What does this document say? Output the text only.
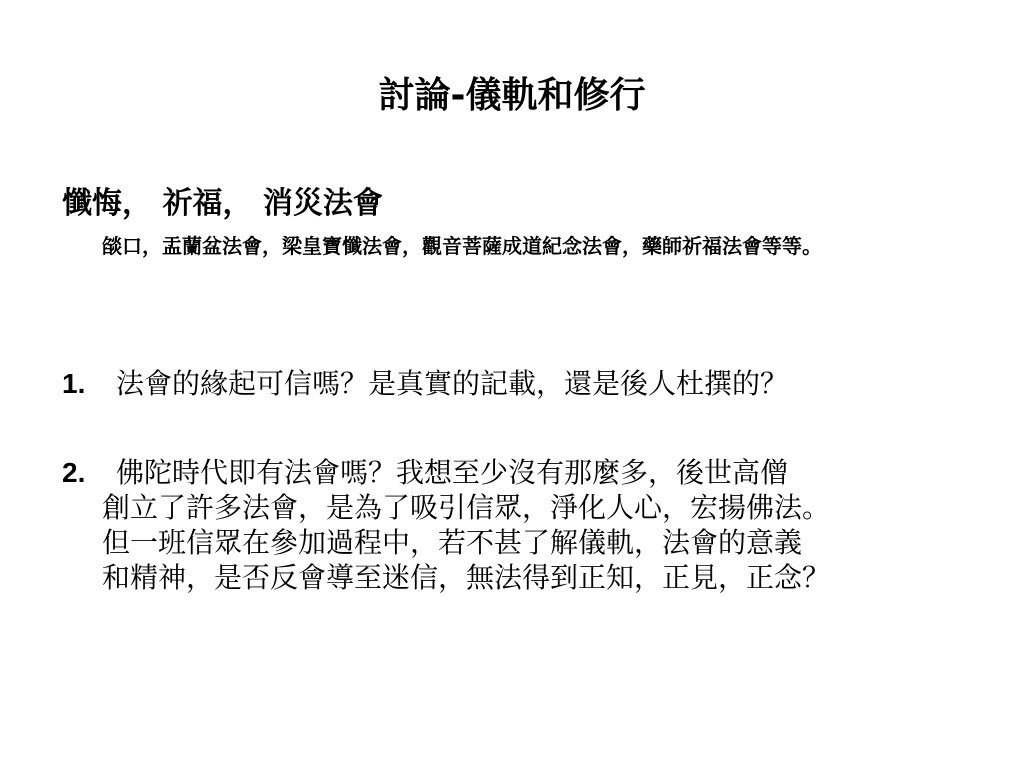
討論-儀軌和修行
懺悔， 祈福， 消災法會
燄口，盂蘭盆法會，梁皇寶懺法會，觀音菩薩成道紀念法會，藥師祈福法會等等。
1. 法會的緣起可信嗎？是真實的記載，還是後人杜撰的？
2. 佛陀時代即有法會嗎？我想至少沒有那麼多，後世高僧
創立了許多法會，是為了吸引信眾，淨化人心，宏揚佛法。
但一班信眾在參加過程中，若不甚了解儀軌，法會的意義
和精神，是否反會導至迷信，無法得到正知，正見，正念？
